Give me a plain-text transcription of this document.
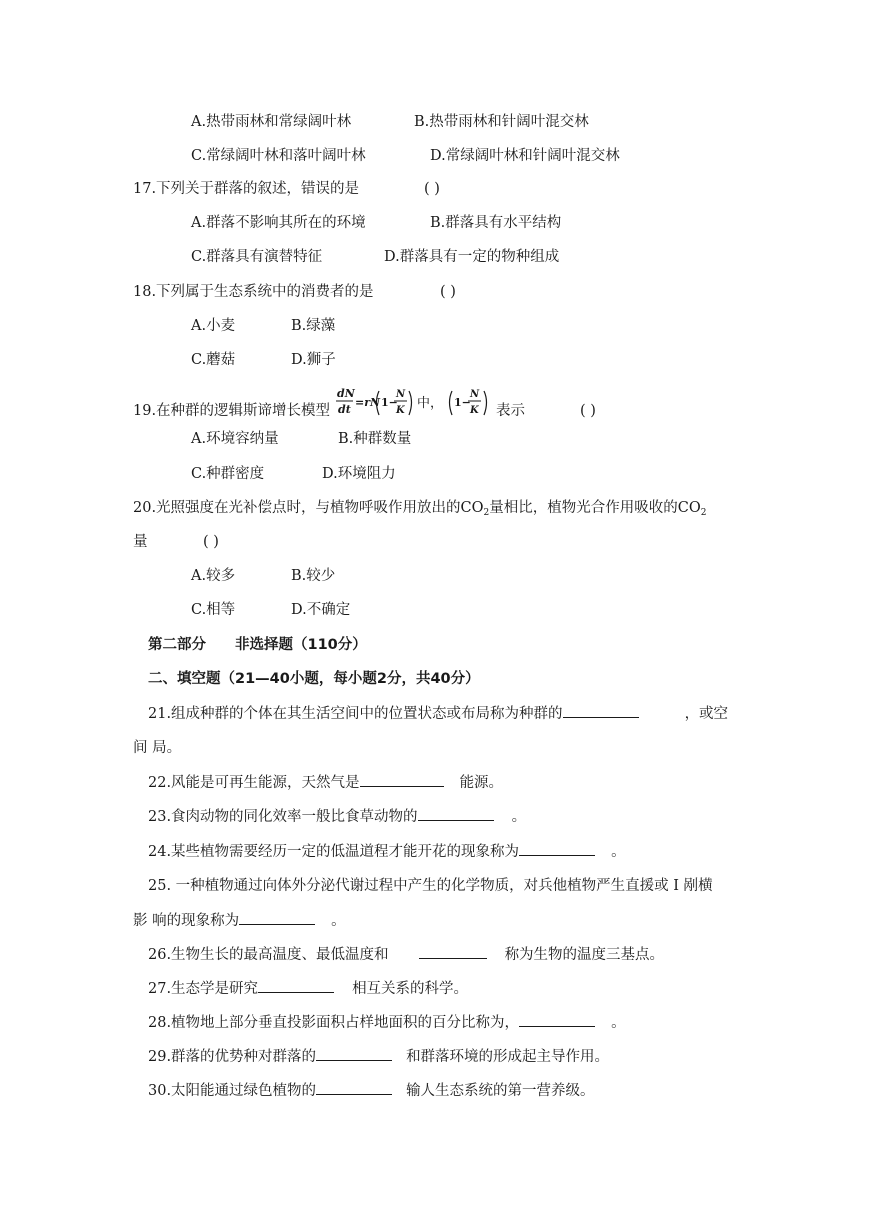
A.热带雨林和常绿阔叶林	B.热带雨林和针阔叶混交林
C.常绿阔叶林和落叶阔叶林	D.常绿阔叶林和针阔叶混交林
17.下列关于群落的叙述，错误的是	( )
A.群落不影响其所在的环境	B.群落具有水平结构
C.群落具有演替特征	D.群落具有一定的物种组成
18.下列属于生态系统中的消费者的是	( )
A.小麦	B.绿藻
C.蘑菇	D.狮子
19.在种群的逻辑斯谛增长模型
dN
dt
=rN 1−
N
K
1−
N
K
中，	表示	( )
A.环境容纳量	B.种群数量
C.种群密度	D.环境阻力
20.光照强度在光补偿点时，与植物呼吸作用放出的$CO_2$量相比，植物光合作用吸收的$CO_2$
量	( )
A.较多	B.较少
C.相等	D.不确定
第二部分 非选择题（110分）
二、填空题（21—40小题，每小题2分，共40分）
21.组成种群的个体在其生活空间中的位置状态或布局称为种群的	，或空
间 局。
22.风能是可再生能源，天然气是	能源。
23.食肉动物的同化效率一般比食草动物的	。
24.某些植物需要经历一定的低温道程才能开花的现象称为	。
25. 一种植物通过向体外分泌代谢过程中产生的化学物质，对兵他植物严生直援或 I 剐横
影 响的现象称为	。
26.生物生长的最高温度、最低温度和	称为生物的温度三基点。
27.生态学是研究	相互关系的科学。
28.植物地上部分垂直投影面积占样地面积的百分比称为，	。
29.群落的优势种对群落的	和群落环境的形成起主导作用。
30.太阳能通过绿色植物的	输人生态系统的第一营养级。
